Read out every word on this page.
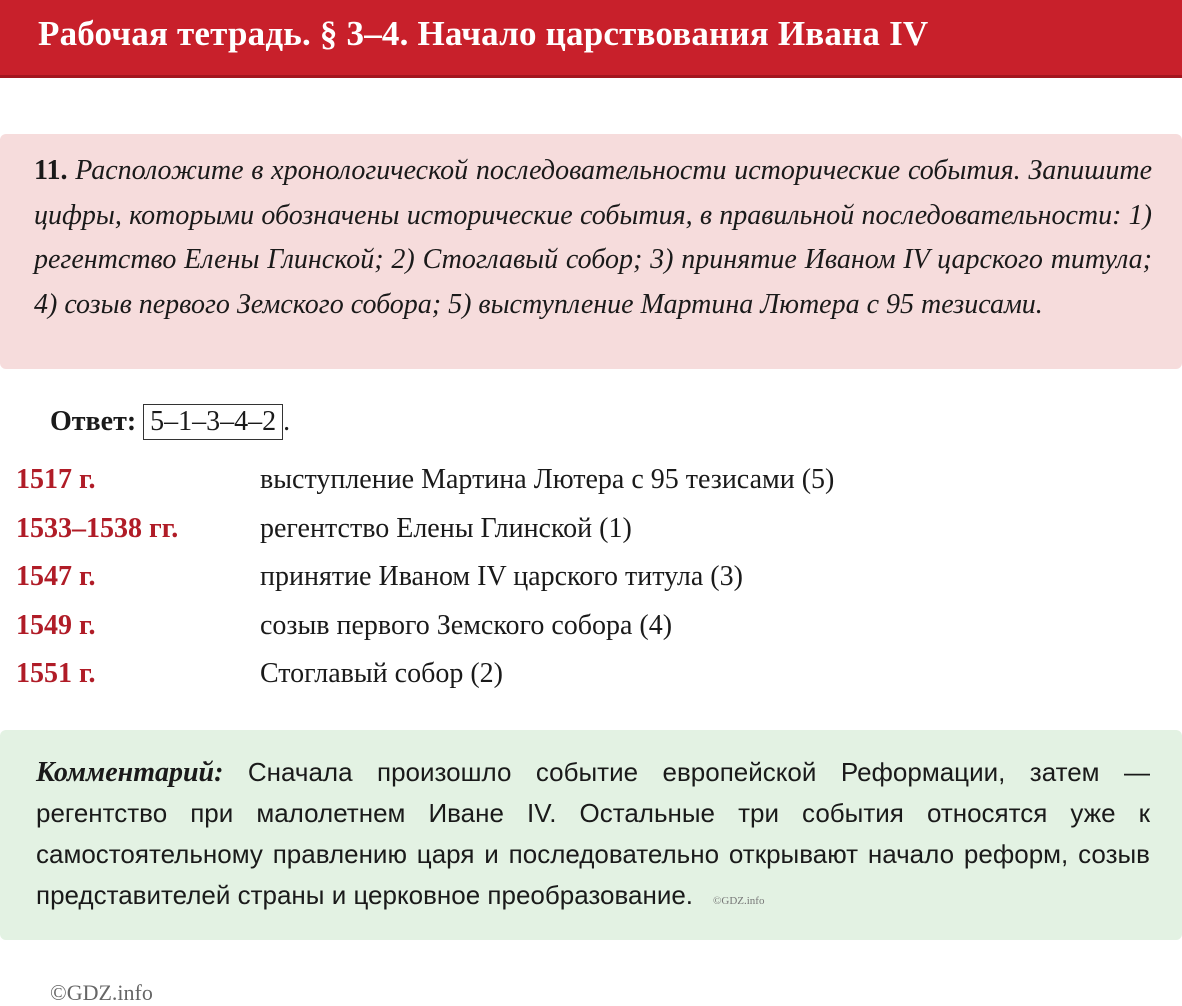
Рабочая тетрадь. § 3–4. Начало царствования Ивана IV
11. Расположите в хронологической последовательности исторические события. Запишите цифры, которыми обозначены исторические события, в правильной последовательности: 1) регентство Елены Глинской; 2) Стоглавый собор; 3) принятие Иваном IV царского титула; 4) созыв первого Земского собора; 5) выступление Мартина Лютера с 95 тезисами.
Ответ: 5–1–3–4–2 .
1517 г.	выступление Мартина Лютера с 95 тезисами (5)
1533–1538 гг.	регентство Елены Глинской (1)
1547 г.	принятие Иваном IV царского титула (3)
1549 г.	созыв первого Земского собора (4)
1551 г.	Стоглавый собор (2)
Комментарий: Сначала произошло событие европейской Реформации, затем — регентство при малолетнем Иване IV. Остальные три события относятся уже к самостоятельному правлению царя и последовательно открывают начало реформ, созыв представителей страны и церковное преобразование. ©GDZ.info
©GDZ.info
